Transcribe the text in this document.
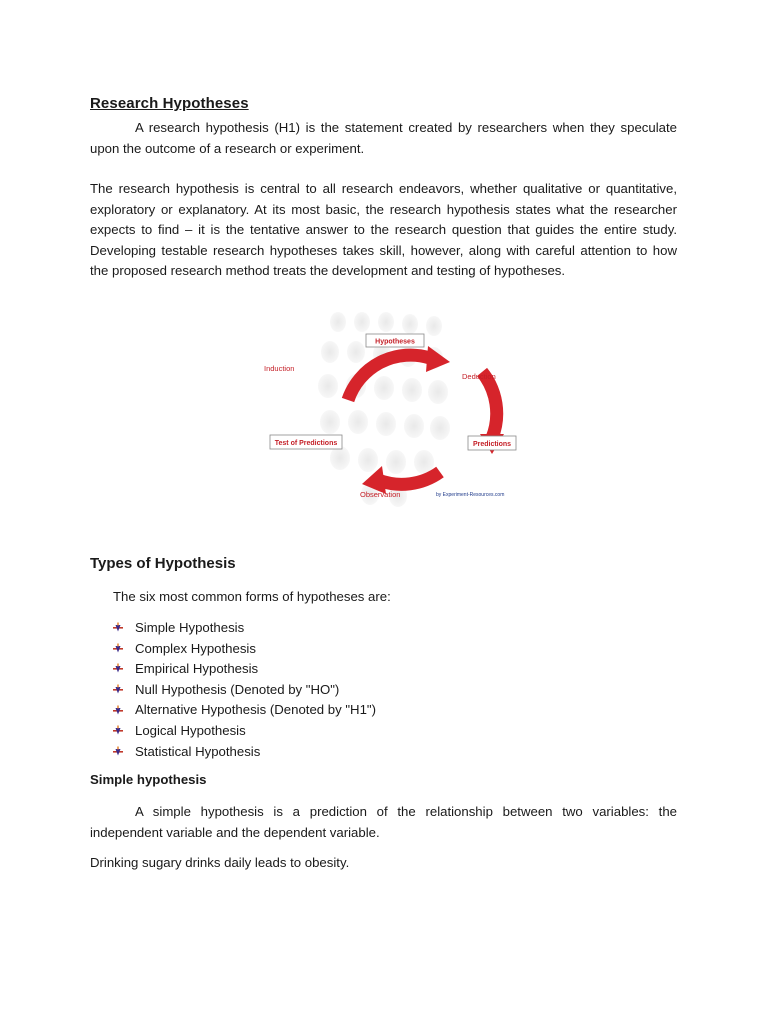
Research Hypotheses

A research hypothesis (H1) is the statement created by researchers when they speculate upon the outcome of a research or experiment.

The research hypothesis is central to all research endeavors, whether qualitative or quantitative, exploratory or explanatory. At its most basic, the research hypothesis states what the researcher expects to find – it is the tentative answer to the research question that guides the entire study. Developing testable research hypotheses takes skill, however, along with careful attention to how the proposed research method treats the development and testing of hypotheses.

Hypotheses
Predictions
Test of Predictions
Induction
Deduction
Observation	by Experiment-Resources.com
Types of Hypothesis
The six most common forms of hypotheses are:
Simple Hypothesis
Complex Hypothesis
Empirical Hypothesis
Null Hypothesis (Denoted by "HO")
Alternative Hypothesis (Denoted by "H1")
Logical Hypothesis
Statistical Hypothesis
Simple hypothesis

A simple hypothesis is a prediction of the relationship between two variables: the independent variable and the dependent variable.

Drinking sugary drinks daily leads to obesity.
